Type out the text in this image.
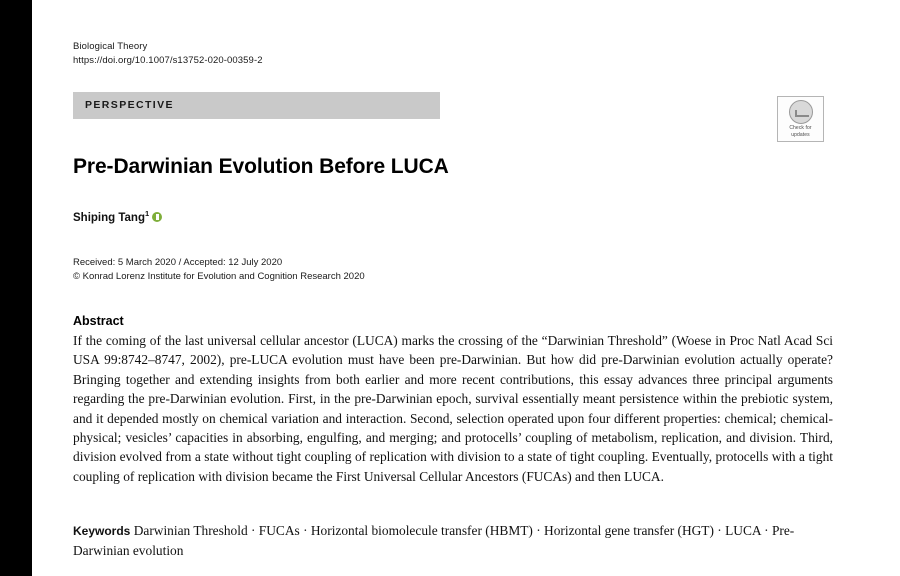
Biological Theory
https://doi.org/10.1007/s13752-020-00359-2
PERSPECTIVE
Check for
updates
Pre-Darwinian Evolution Before LUCA
Shiping Tang$^1$
Received: 5 March 2020 / Accepted: 12 July 2020
© Konrad Lorenz Institute for Evolution and Cognition Research 2020
Abstract
If the coming of the last universal cellular ancestor (LUCA) marks the crossing of the “Darwinian Threshold” (Woese in Proc Natl Acad Sci USA 99:8742–8747, 2002), pre-LUCA evolution must have been pre-Darwinian. But how did pre-Darwinian evolution actually operate? Bringing together and extending insights from both earlier and more recent contributions, this essay advances three principal arguments regarding the pre-Darwinian evolution. First, in the pre-Darwinian epoch, survival essentially meant persistence within the prebiotic system, and it depended mostly on chemical variation and interaction. Second, selection operated upon four different properties: chemical; chemical-physical; vesicles’ capacities in absorbing, engulfing, and merging; and protocells’ coupling of metabolism, replication, and division. Third, division evolved from a state without tight coupling of replication with division to a state of tight coupling. Eventually, protocells with a tight coupling of replication with division became the First Universal Cellular Ancestors (FUCAs) and then LUCA.
Keywords Darwinian Threshold · FUCAs · Horizontal biomolecule transfer (HBMT) · Horizontal gene transfer (HGT) · LUCA · Pre-Darwinian evolution
